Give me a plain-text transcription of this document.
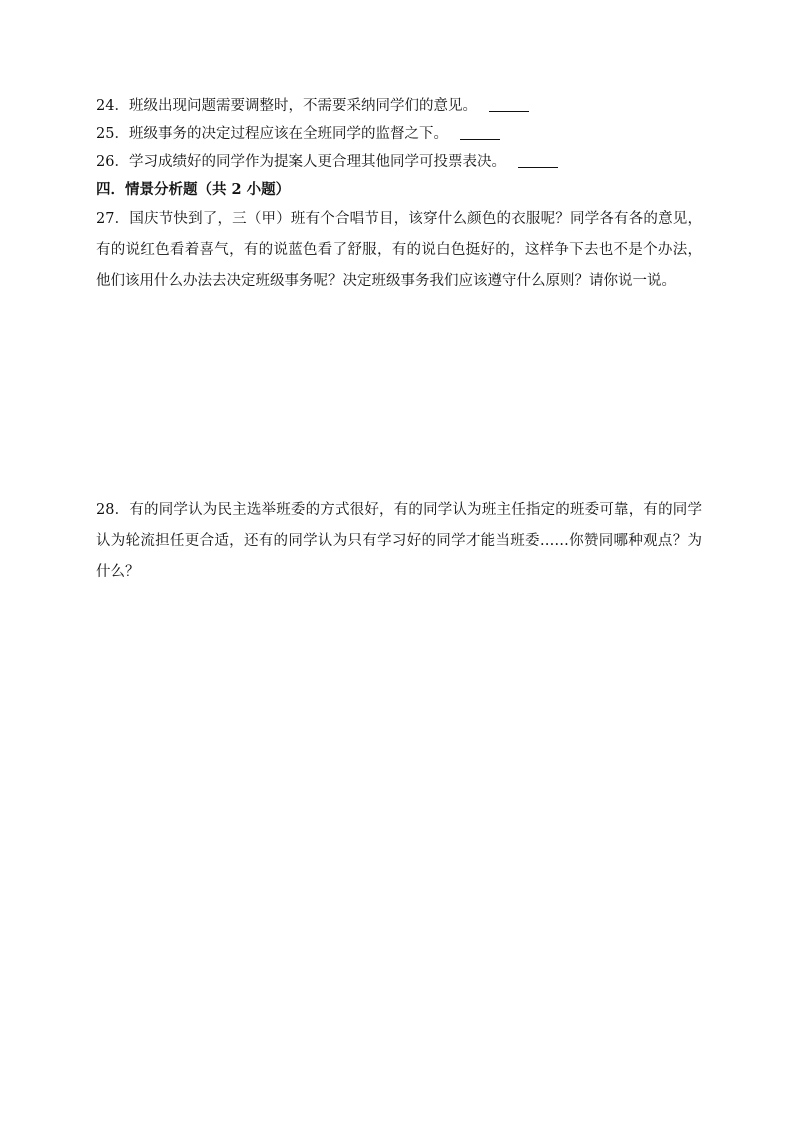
24．班级出现问题需要调整时，不需要采纳同学们的意见。
25．班级事务的决定过程应该在全班同学的监督之下。
26．学习成绩好的同学作为提案人更合理其他同学可投票表决。
四．情景分析题（共 2 小题）
27．国庆节快到了，三（甲）班有个合唱节目，该穿什么颜色的衣服呢？同学各有各的意见，有的说红色看着喜气，有的说蓝色看了舒服，有的说白色挺好的，这样争下去也不是个办法，他们该用什么办法去决定班级事务呢？决定班级事务我们应该遵守什么原则？请你说一说。
28．有的同学认为民主选举班委的方式很好，有的同学认为班主任指定的班委可靠，有的同学认为轮流担任更合适，还有的同学认为只有学习好的同学才能当班委……你赞同哪种观点？为什么？
